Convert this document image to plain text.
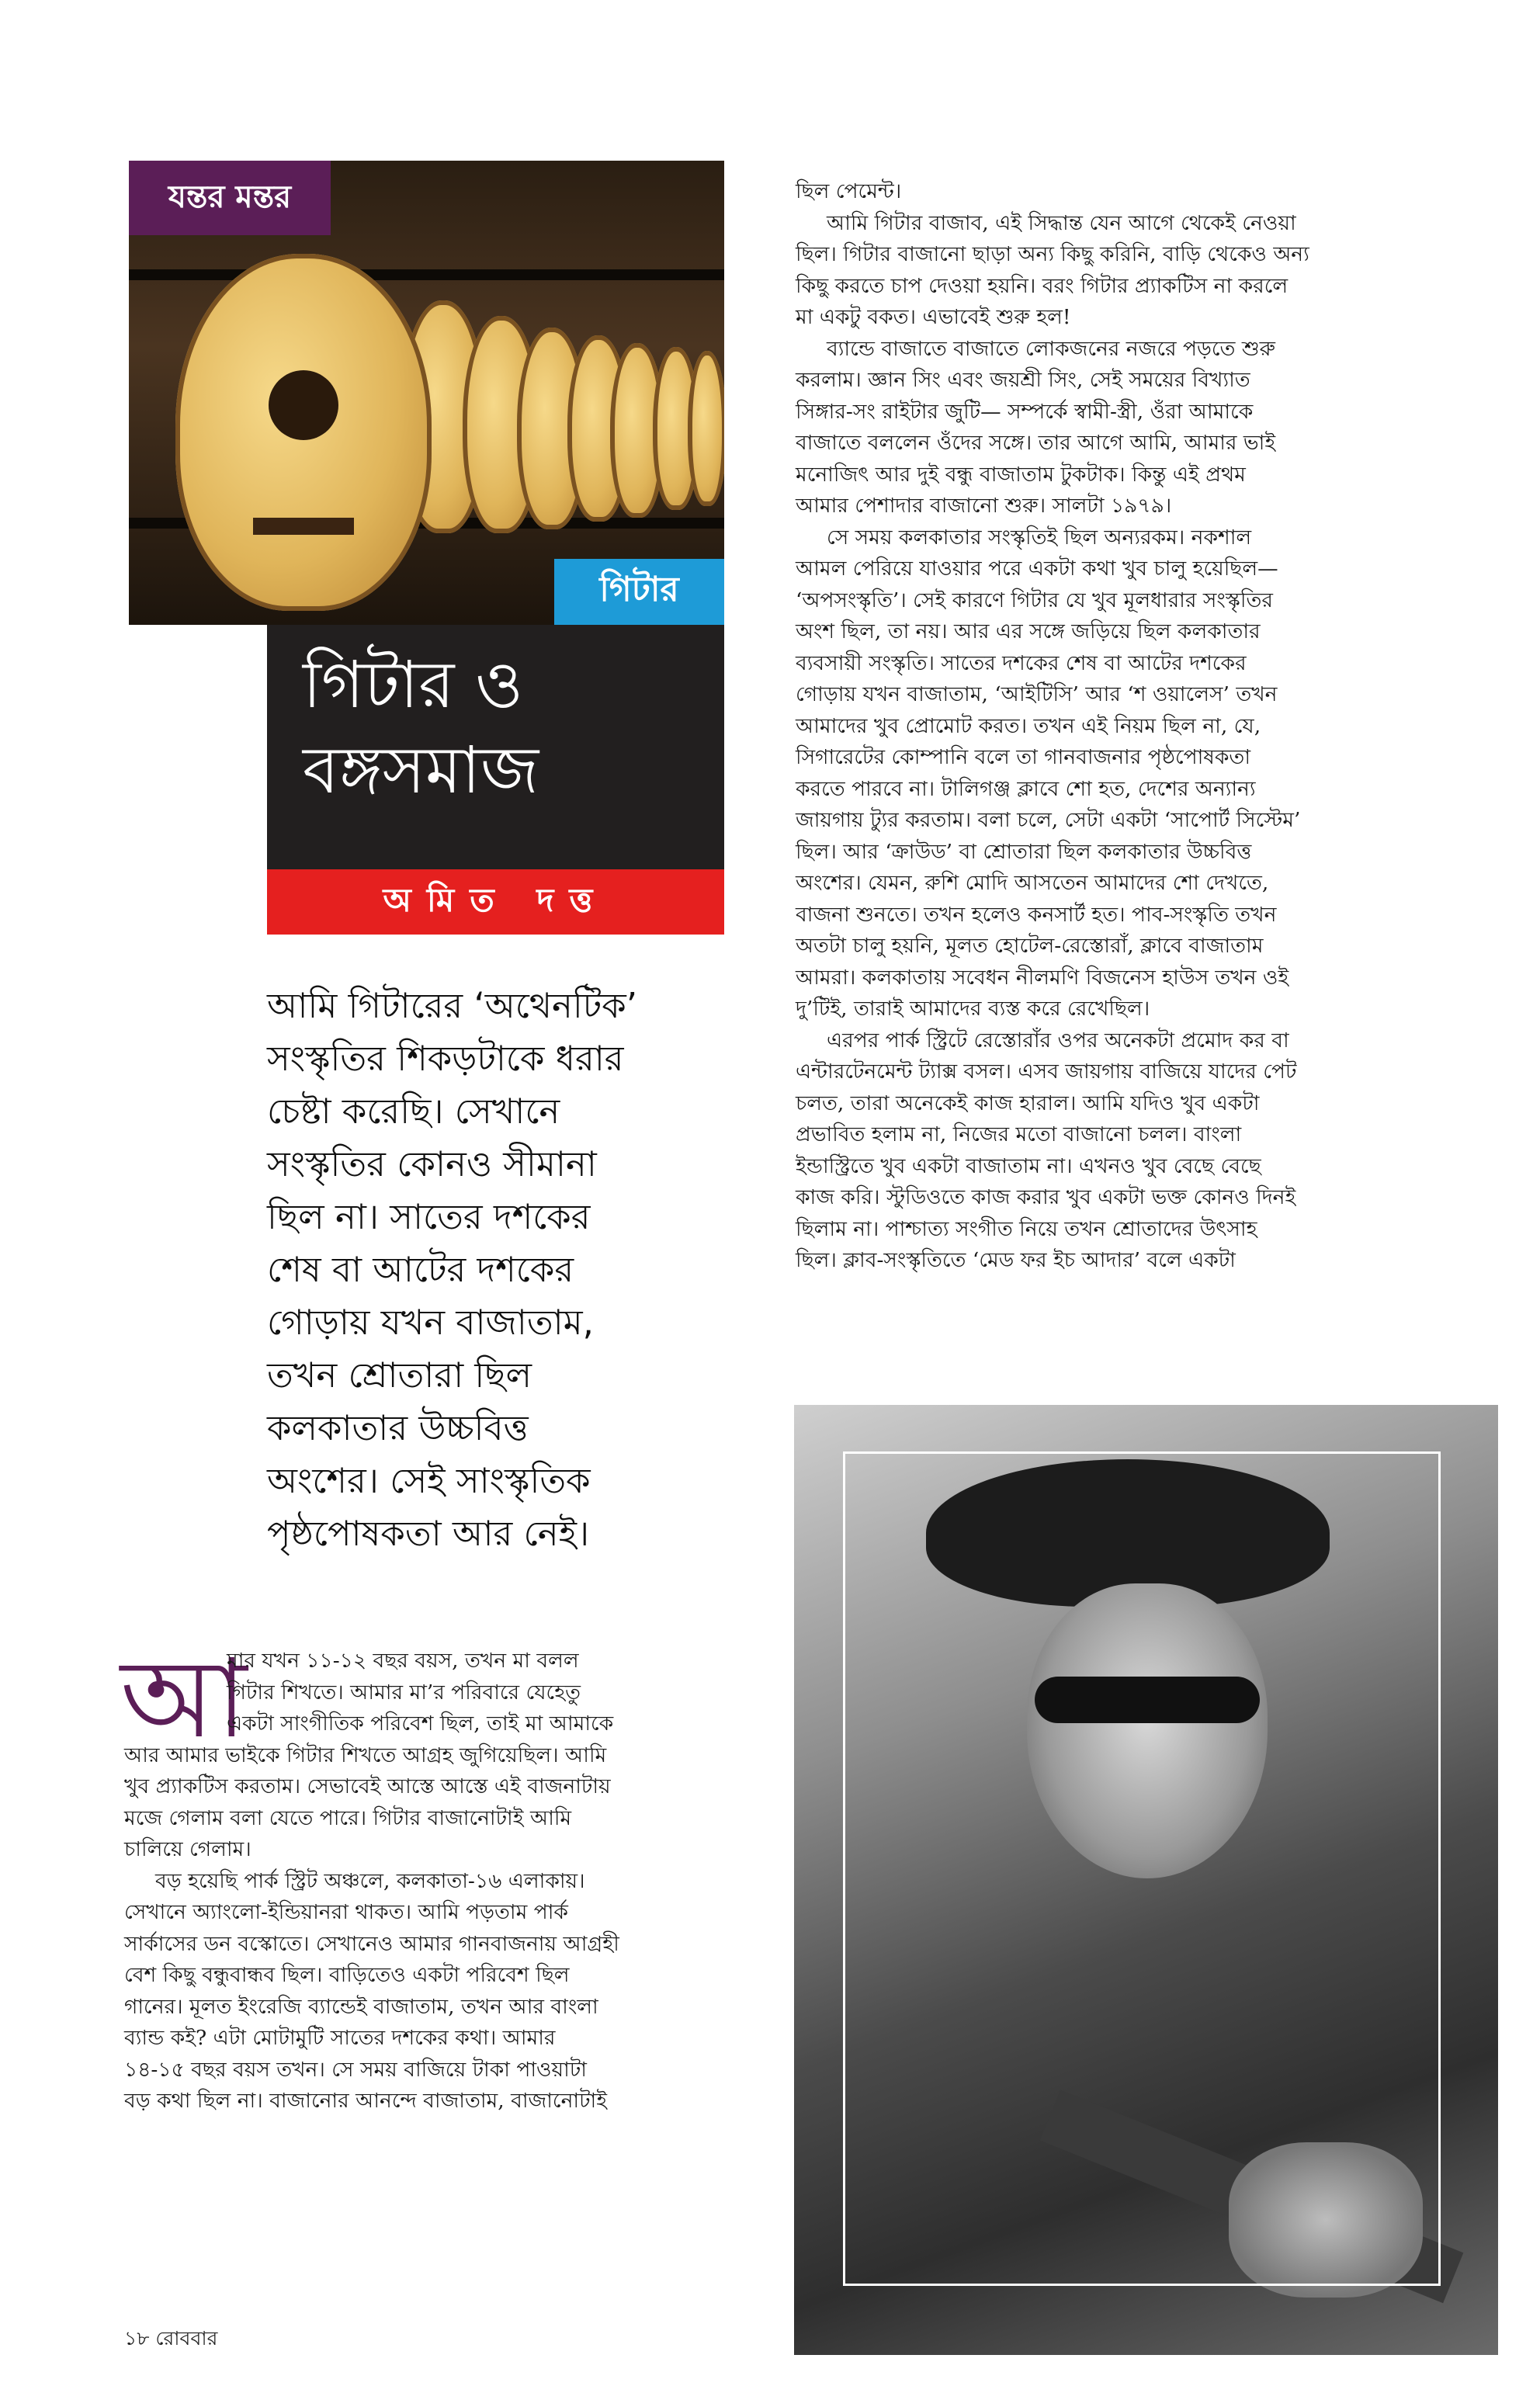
যন্তর মন্তর
গিটার
গিটার ও
বঙ্গসমাজ
অমিত দত্ত
আমি গিটারের ‘অথেনটিক’
সংস্কৃতির শিকড়টাকে ধরার
চেষ্টা করেছি। সেখানে
সংস্কৃতির কোনও সীমানা
ছিল না। সাতের দশকের
শেষ বা আটের দশকের
গোড়ায় যখন বাজাতাম,
তখন শ্রোতারা ছিল
কলকাতার উচ্চবিত্ত
অংশের। সেই সাংস্কৃতিক
পৃষ্ঠপোষকতা আর নেই।
আ
মার যখন ১১-১২ বছর বয়স, তখন মা বলল
গিটার শিখতে। আমার মা’র পরিবারে যেহেতু
একটা সাংগীতিক পরিবেশ ছিল, তাই মা আমাকে
আর আমার ভাইকে গিটার শিখতে আগ্রহ জুগিয়েছিল। আমি
খুব প্র্যাকটিস করতাম। সেভাবেই আস্তে আস্তে এই বাজনাটায়
মজে গেলাম বলা যেতে পারে। গিটার বাজানোটাই আমি
চালিয়ে গেলাম।
বড় হয়েছি পার্ক স্ট্রিট অঞ্চলে, কলকাতা-১৬ এলাকায়।
সেখানে অ্যাংলো-ইন্ডিয়ানরা থাকত। আমি পড়তাম পার্ক
সার্কাসের ডন বস্কোতে। সেখানেও আমার গানবাজনায় আগ্রহী
বেশ কিছু বন্ধুবান্ধব ছিল। বাড়িতেও একটা পরিবেশ ছিল
গানের। মূলত ইংরেজি ব্যান্ডেই বাজাতাম, তখন আর বাংলা
ব্যান্ড কই? এটা মোটামুটি সাতের দশকের কথা। আমার
১৪-১৫ বছর বয়স তখন। সে সময় বাজিয়ে টাকা পাওয়াটা
বড় কথা ছিল না। বাজানোর আনন্দে বাজাতাম, বাজানোটাই
১৮ রোববার
ছিল পেমেন্ট।
আমি গিটার বাজাব, এই সিদ্ধান্ত যেন আগে থেকেই নেওয়া
ছিল। গিটার বাজানো ছাড়া অন্য কিছু করিনি, বাড়ি থেকেও অন্য
কিছু করতে চাপ দেওয়া হয়নি। বরং গিটার প্র্যাকটিস না করলে
মা একটু বকত। এভাবেই শুরু হল!
ব্যান্ডে বাজাতে বাজাতে লোকজনের নজরে পড়তে শুরু
করলাম। জ্ঞান সিং এবং জয়শ্রী সিং, সেই সময়ের বিখ্যাত
সিঙ্গার-সং রাইটার জুটি— সম্পর্কে স্বামী-স্ত্রী, ওঁরা আমাকে
বাজাতে বললেন ওঁদের সঙ্গে। তার আগে আমি, আমার ভাই
মনোজিৎ আর দুই বন্ধু বাজাতাম টুকটাক। কিন্তু এই প্রথম
আমার পেশাদার বাজানো শুরু। সালটা ১৯৭৯।
সে সময় কলকাতার সংস্কৃতিই ছিল অন্যরকম। নকশাল
আমল পেরিয়ে যাওয়ার পরে একটা কথা খুব চালু হয়েছিল—
‘অপসংস্কৃতি’। সেই কারণে গিটার যে খুব মূলধারার সংস্কৃতির
অংশ ছিল, তা নয়। আর এর সঙ্গে জড়িয়ে ছিল কলকাতার
ব্যবসায়ী সংস্কৃতি। সাতের দশকের শেষ বা আটের দশকের
গোড়ায় যখন বাজাতাম, ‘আইটিসি’ আর ‘শ ওয়ালেস’ তখন
আমাদের খুব প্রোমোট করত। তখন এই নিয়ম ছিল না, যে,
সিগারেটের কোম্পানি বলে তা গানবাজনার পৃষ্ঠপোষকতা
করতে পারবে না। টালিগঞ্জ ক্লাবে শো হত, দেশের অন্যান্য
জায়গায় ট্যুর করতাম। বলা চলে, সেটা একটা ‘সাপোর্ট সিস্টেম’
ছিল। আর ‘ক্রাউড’ বা শ্রোতারা ছিল কলকাতার উচ্চবিত্ত
অংশের। যেমন, রুশি মোদি আসতেন আমাদের শো দেখতে,
বাজনা শুনতে। তখন হলেও কনসার্ট হত। পাব-সংস্কৃতি তখন
অতটা চালু হয়নি, মূলত হোটেল-রেস্তোরাঁ, ক্লাবে বাজাতাম
আমরা। কলকাতায় সবেধন নীলমণি বিজনেস হাউস তখন ওই
দু’টিই, তারাই আমাদের ব্যস্ত করে রেখেছিল।
এরপর পার্ক স্ট্রিটে রেস্তোরাঁর ওপর অনেকটা প্রমোদ কর বা
এন্টারটেনমেন্ট ট্যাক্স বসল। এসব জায়গায় বাজিয়ে যাদের পেট
চলত, তারা অনেকেই কাজ হারাল। আমি যদিও খুব একটা
প্রভাবিত হলাম না, নিজের মতো বাজানো চলল। বাংলা
ইন্ডাস্ট্রিতে খুব একটা বাজাতাম না। এখনও খুব বেছে বেছে
কাজ করি। স্টুডিওতে কাজ করার খুব একটা ভক্ত কোনও দিনই
ছিলাম না। পাশ্চাত্য সংগীত নিয়ে তখন শ্রোতাদের উৎসাহ
ছিল। ক্লাব-সংস্কৃতিতে ‘মেড ফর ইচ আদার’ বলে একটা
